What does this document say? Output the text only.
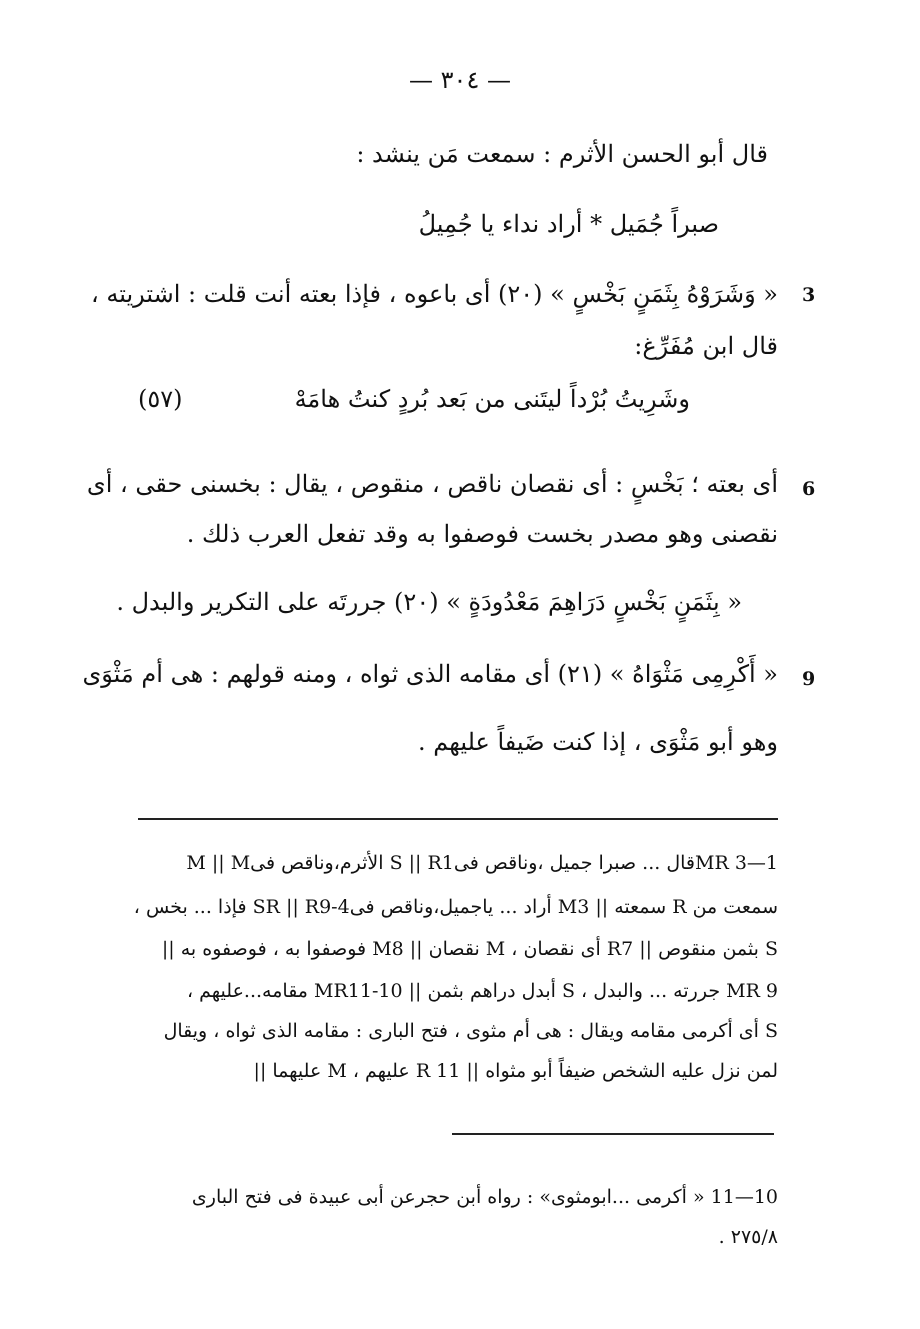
— ٣٠٤ —
قال أبو الحسن الأثرم : سمعت مَن ينشد :
صبراً جُمَيل * أراد نداء يا جُمِيلُ
3
« وَشَرَوْهُ بِثَمَنٍ بَخْسٍ » (٢٠) أى باعوه ، فإذا بعته أنت قلت : اشتريته ،
قال ابن مُفَرِّغ:
وشَرِيتُ بُرْداً ليتَنى من بَعد بُردٍ كنتُ هامَهْ
(٥٧)
6
أى بعته ؛ بَخْسٍ : أى نقصان ناقص ، منقوص ، يقال : بخسنى حقى ، أى
نقصنى وهو مصدر بخست فوصفوا به وقد تفعل العرب ذلك .
« بِثَمَنٍ بَخْسٍ دَرَاهِمَ مَعْدُودَةٍ » (٢٠) جررتَه على التكرير والبدل .
9
« أَكْرِمِى مَثْوَاهُ » (٢١) أى مقامه الذى ثواه ، ومنه قولهم : هى أم مَثْوَى
وهو أبو مَثْوَى ، إذا كنت ضَيفاً عليهم .
1—3 MRقال ... صبرا جميل ،وناقص فىS || R1 الأثرم،وناقص فىM || M
سمعت من R سمعته || M3 أراد ... ياجميل،وناقص فىSR || R9-4 فإذا ... بخس ،
S بثمن منقوص || R7 أى نقصان ، M نقصان || M8 فوصفوا به ، فوصفوه به ||
MR 9 جررته ... والبدل ، S أبدل دراهم بثمن || MR11-10 مقامه...عليهم ،
S أى أكرمى مقامه ويقال : هى أم مثوى ، فتح البارى : مقامه الذى ثواه ، ويقال
لمن نزل عليه الشخص ضيفاً أبو مثواه || R 11 عليهم ، M عليهما ||
10—11 « أكرمى ...ابومثوى» : رواه أبن حجرعن أبى عبيدة فى فتح البارى
٢٧٥/٨ .
